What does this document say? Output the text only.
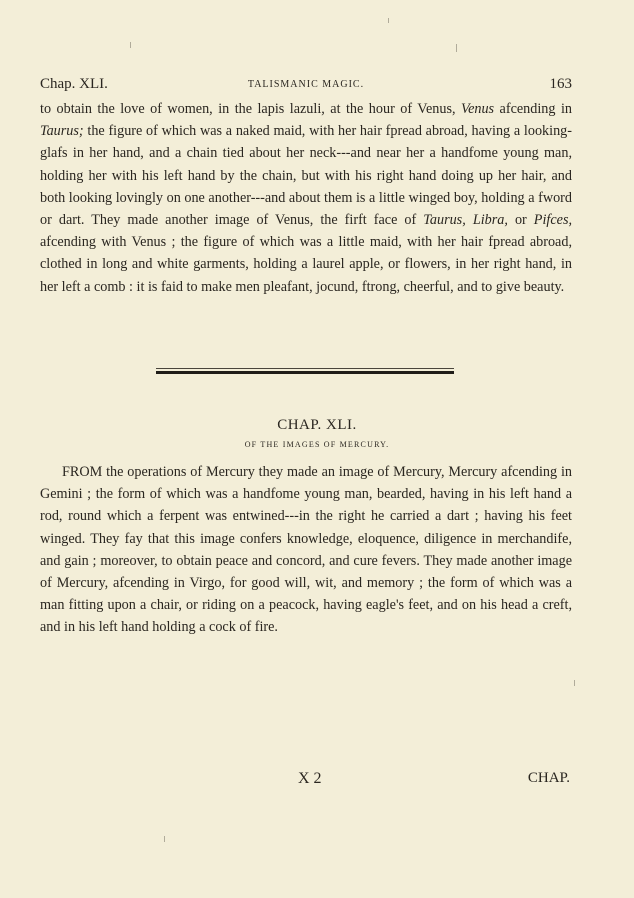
Chap. XLI.	TALISMANIC MAGIC.	163

to obtain the love of women, in the lapis lazuli, at the hour of Venus, Venus afcending in Taurus; the figure of which was a naked maid, with her hair fpread abroad, having a looking-glafs in her hand, and a chain tied about her neck---and near her a handfome young man, holding her with his left hand by the chain, but with his right hand doing up her hair, and both looking lovingly on one another---and about them is a little winged boy, holding a fword or dart. They made another image of Venus, the firft face of Taurus, Libra, or Pifces, afcending with Venus ; the figure of which was a little maid, with her hair fpread abroad, clothed in long and white garments, holding a laurel apple, or flowers, in her right hand, in her left a comb : it is faid to make men pleafant, jocund, ftrong, cheerful, and to give beauty.

CHAP. XLI.
OF THE IMAGES OF MERCURY.

FROM the operations of Mercury they made an image of Mercury, Mercury afcending in Gemini ; the form of which was a handfome young man, bearded, having in his left hand a rod, round which a ferpent was entwined---in the right he carried a dart ; having his feet winged. They fay that this image confers knowledge, eloquence, diligence in merchandife, and gain ; moreover, to obtain peace and concord, and cure fevers. They made another image of Mercury, afcending in Virgo, for good will, wit, and memory ; the form of which was a man fitting upon a chair, or riding on a peacock, having eagle's feet, and on his head a creft, and in his left hand holding a cock of fire.

X 2	CHAP.
